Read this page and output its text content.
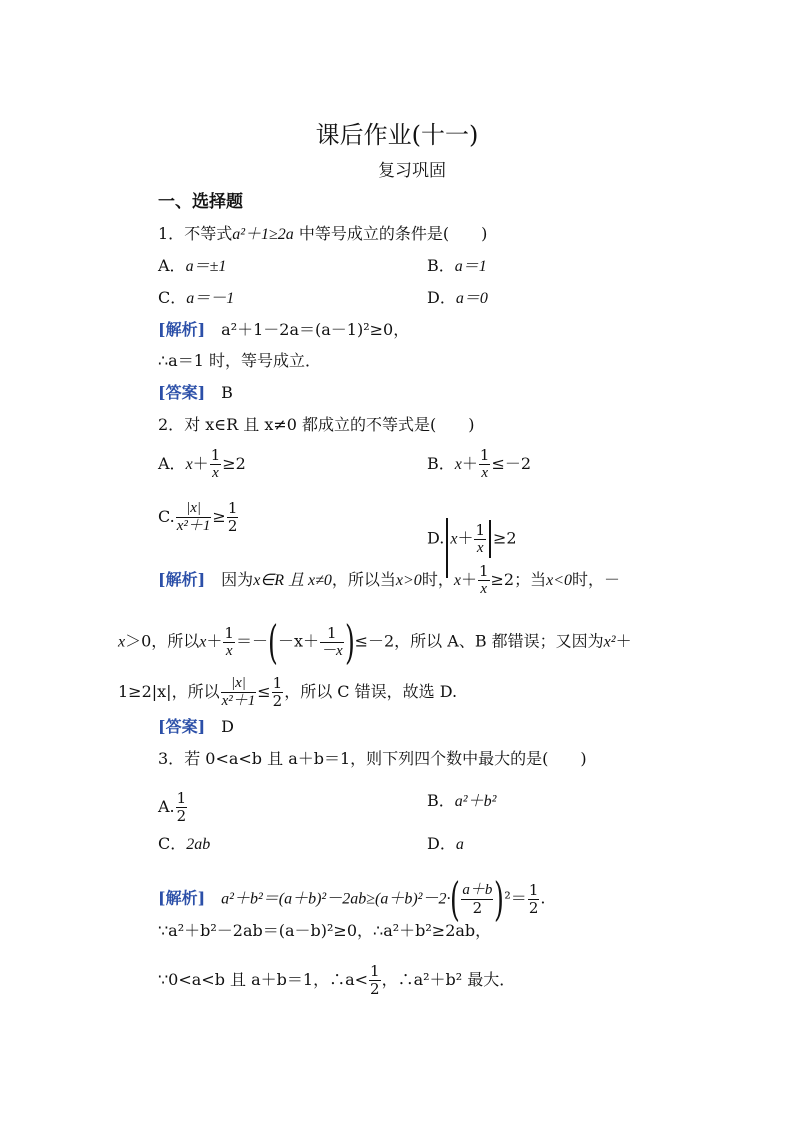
课后作业(十一)
复习巩固
一、选择题
1．不等式a²＋1≥2a 中等号成立的条件是(　　)
A．a＝±1	B．a＝1
C．a＝－1	D．a＝0
[解析]　 a²＋1－2a＝(a－1)²≥0，
∴a＝1 时，等号成立．
[答案]　 B
2．对 x∈R 且 x≠0 都成立的不等式是(　　)
A．$x+ \frac{1}{x} \ge 2$	B．$x+ \frac{1}{x} \le-2$
C. $\frac{|x|}{\text{x²＋1}} \ge \frac{1}{2}$
D. $x+ \frac{1}{x} \ge 2$
[解析]　 因为x∈R 且 x≠0，所以当x>0时，$x+ \frac{1}{x} \ge 2$；当x<0时，－
x＞0，所以$x+ \frac{1}{x} =-(-x+ \frac{1}{-x} )\le-2$，所以 A、B 都错误；又因为x²＋
1≥2|x|，所以 $\frac{|x|}{\text{x²＋1}} \le \frac{1}{2}$ ，所以 C 错误，故选 D.
[答案]　 D
3．若 0<a<b 且 a＋b＝1，则下列四个数中最大的是(　　)
A. $\frac{1}{2}$	B．a²＋b²
C．2ab	D．a
[解析]　 $a^2+b^2=(a+b)^2-2ab\ge(a+b)^2-2\cdot( \frac{a+b}{2} )^2= \frac{1}{2}$ .
∵a²＋b²－2ab＝(a－b)²≥0，∴a²＋b²≥2ab，
∵0<a<b 且 a＋b＝1，∴a< $\frac{1}{2}$ ，∴a²＋b² 最大．
